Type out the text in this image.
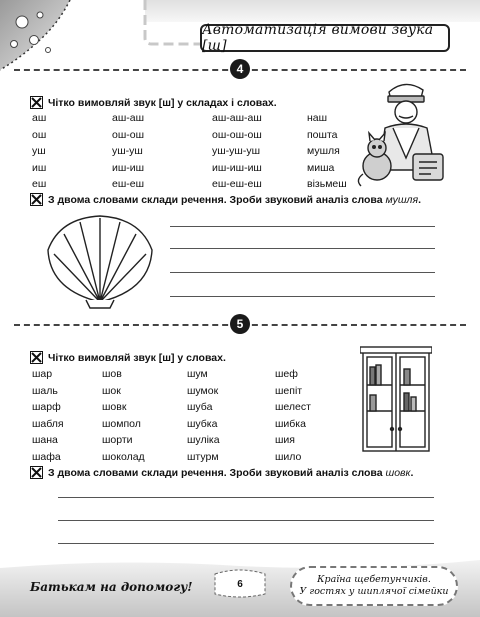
Автоматизація вимови звука [ш]
4
Чітко вимовляй звук [ш] у складах і словах.
аш	аш-аш	аш-аш-аш	наш
ош	ош-ош	ош-ош-ош	пошта
уш	уш-уш	уш-уш-уш	мушля
иш	иш-иш	иш-иш-иш	миша
еш	еш-еш	еш-еш-еш	візьмеш
З двома словами склади речення. Зроби звуковий аналіз слова мушля.
5
Чітко вимовляй звук [ш] у словах.
шар	шов	шум	шеф
шаль	шок	шумок	шепіт
шарф	шовк	шуба	шелест
шабля	шомпол	шубка	шибка
шана	шорти	шуліка	шия
шафа	шоколад	штурм	шило
З двома словами склади речення. Зроби звуковий аналіз слова шовк.
Батькам на допомогу!	6	Країна щебетунчиків.
У гостях у шиплячої сімейки
